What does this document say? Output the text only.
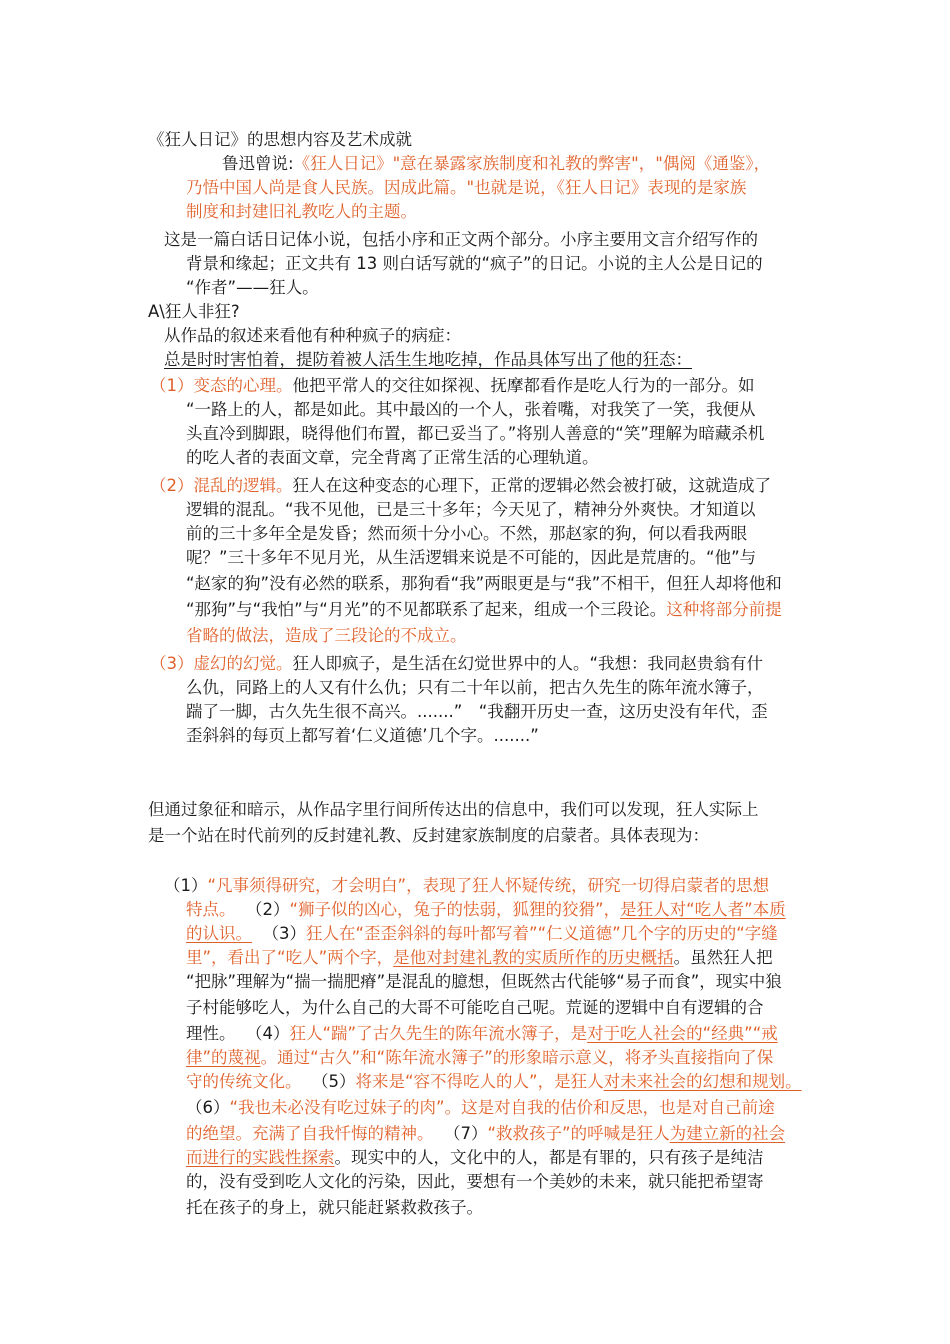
《狂人日记》的思想内容及艺术成就
鲁迅曾说:《狂人日记》"意在暴露家族制度和礼教的弊害"，"偶阅《通鉴》，
乃悟中国人尚是食人民族。因成此篇。"也就是说，《狂人日记》表现的是家族
制度和封建旧礼教吃人的主题。
这是一篇白话日记体小说，包括小序和正文两个部分。小序主要用文言介绍写作的
背景和缘起；正文共有 13 则白话写就的“疯子”的日记。小说的主人公是日记的
“作者”——狂人。
A\狂人非狂?
从作品的叙述来看他有种种疯子的病症：
总是时时害怕着，提防着被人活生生地吃掉，作品具体写出了他的狂态：
（1）变态的心理。他把平常人的交往如探视、抚摩都看作是吃人行为的一部分。如
“一路上的人，都是如此。其中最凶的一个人，张着嘴，对我笑了一笑，我便从
头直冷到脚跟，晓得他们布置，都已妥当了。”将别人善意的“笑”理解为暗藏杀机
的吃人者的表面文章，完全背离了正常生活的心理轨道。
（2）混乱的逻辑。狂人在这种变态的心理下，正常的逻辑必然会被打破，这就造成了
逻辑的混乱。“我不见他，已是三十多年；今天见了，精神分外爽快。才知道以
前的三十多年全是发昏；然而须十分小心。不然，那赵家的狗，何以看我两眼
呢？”三十多年不见月光，从生活逻辑来说是不可能的，因此是荒唐的。“他”与
“赵家的狗”没有必然的联系，那狗看“我”两眼更是与“我”不相干，但狂人却将他和
“那狗”与“我怕”与“月光”的不见都联系了起来，组成一个三段论。这种将部分前提
省略的做法，造成了三段论的不成立。
（3）虚幻的幻觉。狂人即疯子，是生活在幻觉世界中的人。“我想：我同赵贵翁有什
么仇，同路上的人又有什么仇；只有二十年以前，把古久先生的陈年流水簿子，
踹了一脚，古久先生很不高兴。.......”　“我翻开历史一查，这历史没有年代，歪
歪斜斜的每页上都写着‘仁义道德’几个字。.......”
但通过象征和暗示，从作品字里行间所传达出的信息中，我们可以发现，狂人实际上
是一个站在时代前列的反封建礼教、反封建家族制度的启蒙者。具体表现为：
（1）“凡事须得研究，才会明白”，表现了狂人怀疑传统，研究一切得启蒙者的思想
特点。 （2）“狮子似的凶心，兔子的怯弱，狐狸的狡猾”，是狂人对“吃人者”本质
的认识。 （3）狂人在“歪歪斜斜的每叶都写着”“仁义道德”几个字的历史的“字缝
里”，看出了“吃人”两个字，是他对封建礼教的实质所作的历史概括。虽然狂人把
“把脉”理解为“揣一揣肥瘠”是混乱的臆想，但既然古代能够“易子而食”，现实中狼
子村能够吃人，为什么自己的大哥不可能吃自己呢。荒诞的逻辑中自有逻辑的合
理性。 （4）狂人“踹”了古久先生的陈年流水簿子，是对于吃人社会的“经典”“戒
律”的蔑视。通过“古久”和“陈年流水簿子”的形象暗示意义，将矛头直接指向了保
守的传统文化。 （5）将来是“容不得吃人的人”，是狂人对未来社会的幻想和规划。
（6）“我也未必没有吃过妹子的肉”。这是对自我的估价和反思，也是对自己前途
的绝望。充满了自我忏悔的精神。 （7）“救救孩子”的呼喊是狂人为建立新的社会
而进行的实践性探索。现实中的人，文化中的人，都是有罪的，只有孩子是纯洁
的，没有受到吃人文化的污染，因此，要想有一个美妙的未来，就只能把希望寄
托在孩子的身上，就只能赶紧救救孩子。
